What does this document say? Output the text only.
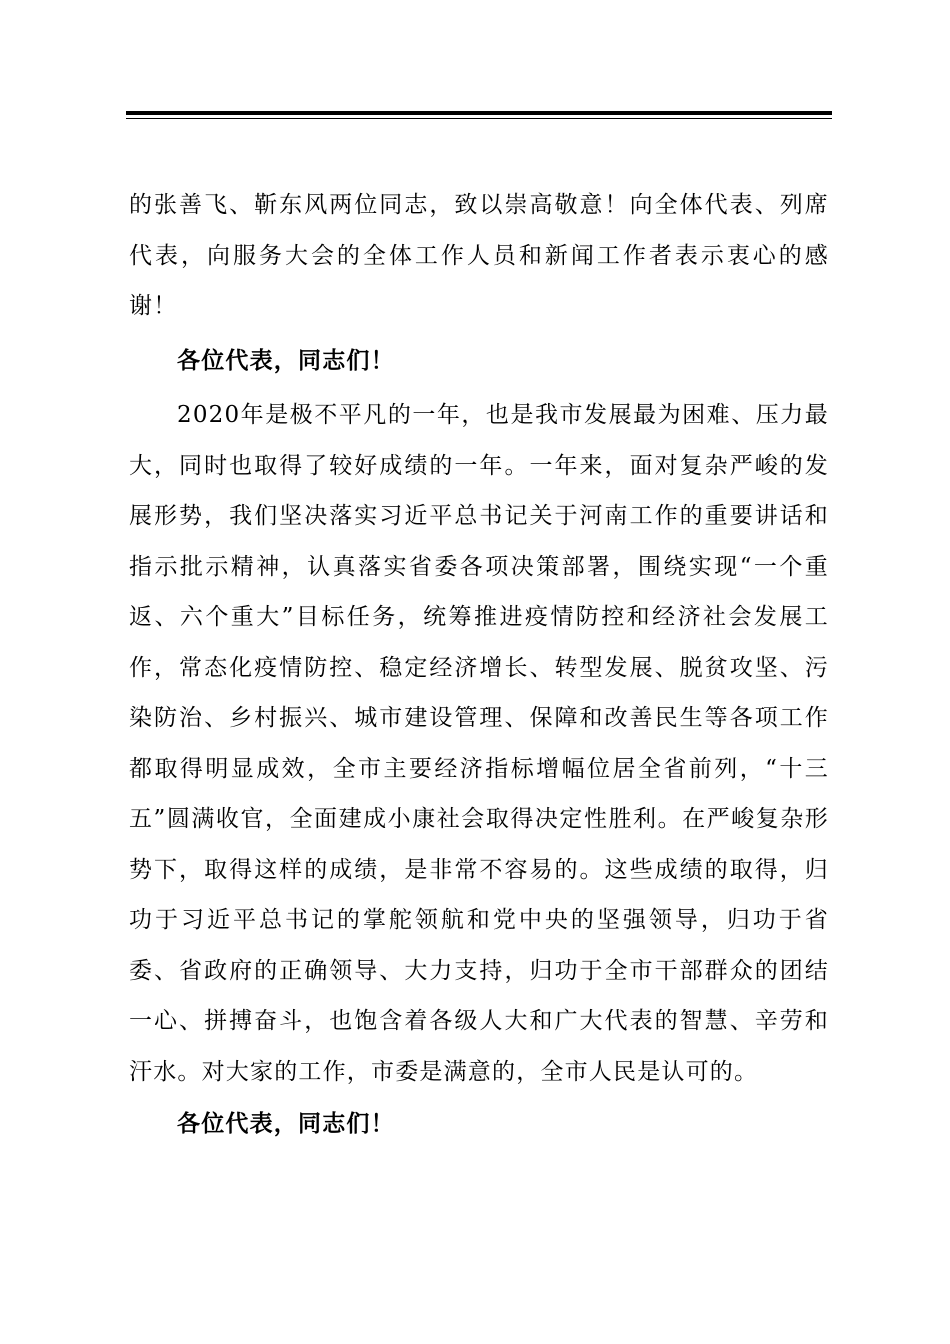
的张善飞、靳东风两位同志，致以崇高敬意！向全体代表、列席代表，向服务大会的全体工作人员和新闻工作者表示衷心的感谢！

各位代表，同志们！

2020年是极不平凡的一年，也是我市发展最为困难、压力最大，同时也取得了较好成绩的一年。一年来，面对复杂严峻的发展形势，我们坚决落实习近平总书记关于河南工作的重要讲话和指示批示精神，认真落实省委各项决策部署，围绕实现“一个重返、六个重大”目标任务，统筹推进疫情防控和经济社会发展工作，常态化疫情防控、稳定经济增长、转型发展、脱贫攻坚、污染防治、乡村振兴、城市建设管理、保障和改善民生等各项工作都取得明显成效，全市主要经济指标增幅位居全省前列，“十三五”圆满收官，全面建成小康社会取得决定性胜利。在严峻复杂形势下，取得这样的成绩，是非常不容易的。这些成绩的取得，归功于习近平总书记的掌舵领航和党中央的坚强领导，归功于省委、省政府的正确领导、大力支持，归功于全市干部群众的团结一心、拼搏奋斗，也饱含着各级人大和广大代表的智慧、辛劳和汗水。对大家的工作，市委是满意的，全市人民是认可的。

各位代表，同志们！
